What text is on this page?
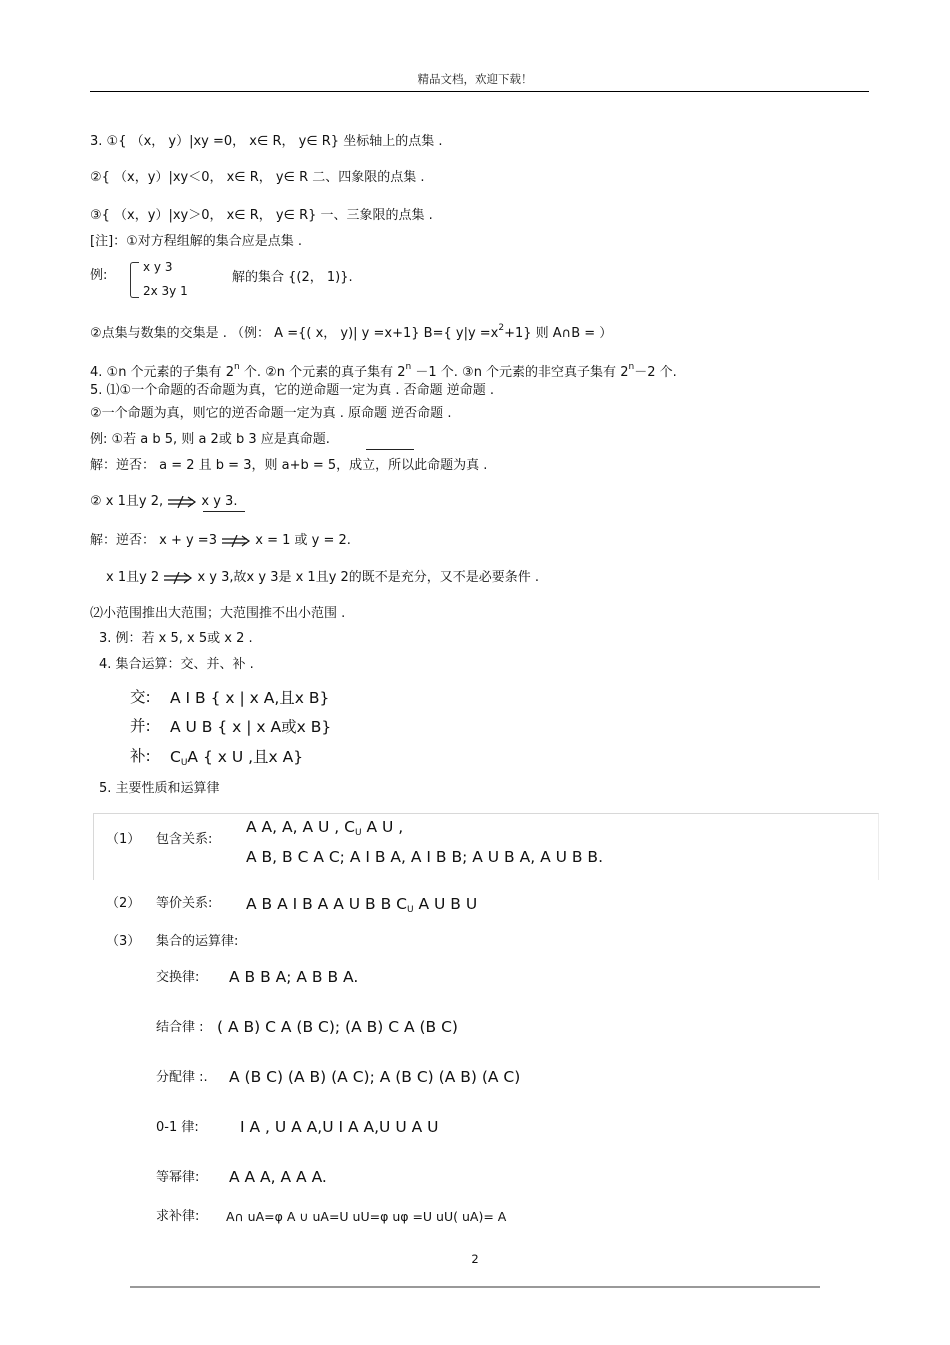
精品文档，欢迎下载！
3. ①{ （x， y）|xy =0， x∈ R， y∈ R} 坐标轴上的点集 .
②{ （x，y）|xy＜0， x∈ R， y∈ R 二、四象限的点集 .
③{ （x，y）|xy＞0， x∈ R， y∈ R} 一、三象限的点集 .
[注]：①对方程组解的集合应是点集 .
例:
x y 3
2x 3y 1
解的集合 {(2， 1)}.
②点集与数集的交集是 . （例： A ={( x， y)| y =x+1} B={ $y|y =x^2+1$} 则 A∩B = ）
4. ①n 个元素的子集有 2$^n$ 个. ②n 个元素的真子集有 $2^n -1$ 个. ③n 个元素的非空真子集有 $2^n-2$ 个.
5. ⑴①一个命题的否命题为真，它的逆命题一定为真 . 否命题 逆命题 .
②一个命题为真，则它的逆否命题一定为真 . 原命题 逆否命题 .
例: ①若 a b 5, 则 a 2或 b 3 应是真命题.
解：逆否： a = 2 且 b = 3，则 a+b = 5，成立，所以此命题为真 .
② x 1且y 2,	x y 3.
解：逆否： x + y =3	x = 1 或 y = 2.
x 1且y 2	x y 3,故x y 3是 x 1且y 2的既不是充分，又不是必要条件 .
⑵小范围推出大范围；大范围推不出小范围 .
3. 例：若 x 5, x 5或 x 2 .
4. 集合运算：交、并、补 .
交: A I B { x | x A,且x B}
并: A U B { x | x A或x B}
补: $C_UA$ { x U ,且x A}
5. 主要性质和运算律
（1） 包含关系:
A A, A, A U , $C_U$ A U ,
A B, B C A C; A I B A, A I B B; A U B A, A U B B.
（2） 等价关系: A B A I B A A U B B $C_U$ A U B U
（3） 集合的运算律:
交换律: A B B A; A B B A.
结合律 : ( A B) C A (B C); (A B) C A (B C)
分配律 :. A (B C) (A B) (A C); A (B C) (A B) (A C)
0-1 律:	I A , U A A,U I A A,U U A U
等幂律: A A A, A A A.
求补律: A∩ uA=φ A ∪ uA=U uU=φ uφ =U uU( uA)= A
2
